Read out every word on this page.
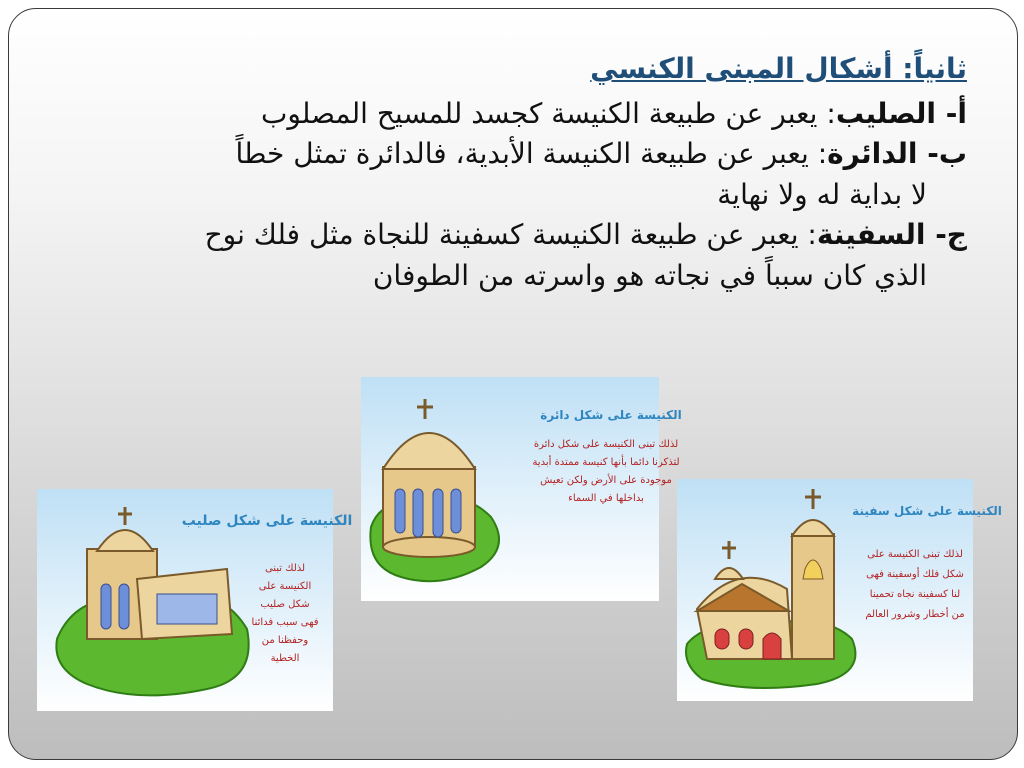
ثانياً: أشكال المبنى الكنسي

أ- الصليب: يعبر عن طبيعة الكنيسة كجسد للمسيح المصلوب

ب- الدائرة: يعبر عن طبيعة الكنيسة الأبدية، فالدائرة تمثل خطاً

لا بداية له ولا نهاية

ج- السفينة: يعبر عن طبيعة الكنيسة كسفينة للنجاة مثل فلك نوح

الذي كان سبباً في نجاته هو واسرته من الطوفان

الكنيسة على شكل دائرة
لذلك تبنى الكنيسة على شكل دائرة
لتذكرنا دائما بأنها كنيسة ممتدة أبدية
موجودة على الأرض ولكن تعيش
بداخلها في السماء
الكنيسة على شكل صليب
لذلك تبنى
الكنيسة على
شكل صليب
فهى سبب فدائنا
وحفظنا من
الخطية
الكنيسة على شكل سفينة
لذلك تبنى الكنيسة على
شكل فلك أوسفينة فهى
لنا كسفينة نجاه تحمينا
من أخطار وشرور العالم
